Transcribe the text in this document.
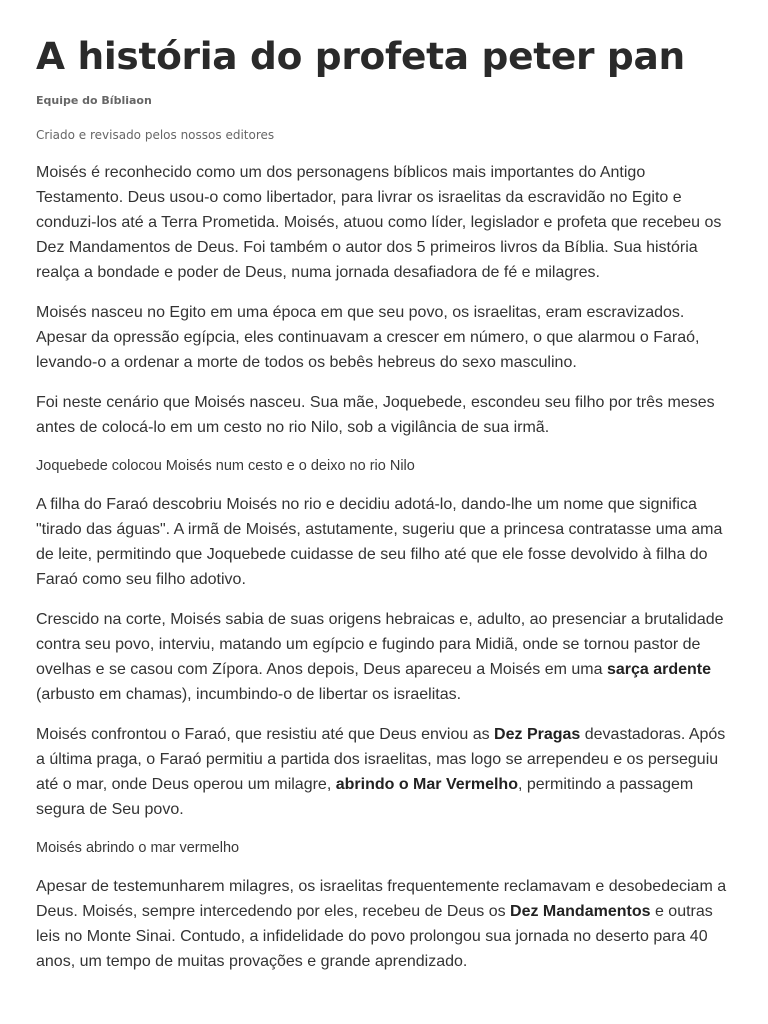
A história do profeta peter pan

Equipe do Bíbliaon

Criado e revisado pelos nossos editores

Moisés é reconhecido como um dos personagens bíblicos mais importantes do Antigo Testamento. Deus usou-o como libertador, para livrar os israelitas da escravidão no Egito e conduzi-los até a Terra Prometida. Moisés, atuou como líder, legislador e profeta que recebeu os Dez Mandamentos de Deus. Foi também o autor dos 5 primeiros livros da Bíblia. Sua história realça a bondade e poder de Deus, numa jornada desafiadora de fé e milagres.

Moisés nasceu no Egito em uma época em que seu povo, os israelitas, eram escravizados. Apesar da opressão egípcia, eles continuavam a crescer em número, o que alarmou o Faraó, levando-o a ordenar a morte de todos os bebês hebreus do sexo masculino.

Foi neste cenário que Moisés nasceu. Sua mãe, Joquebede, escondeu seu filho por três meses antes de colocá-lo em um cesto no rio Nilo, sob a vigilância de sua irmã.

Joquebede colocou Moisés num cesto e o deixo no rio Nilo

A filha do Faraó descobriu Moisés no rio e decidiu adotá-lo, dando-lhe um nome que significa "tirado das águas". A irmã de Moisés, astutamente, sugeriu que a princesa contratasse uma ama de leite, permitindo que Joquebede cuidasse de seu filho até que ele fosse devolvido à filha do Faraó como seu filho adotivo.

Crescido na corte, Moisés sabia de suas origens hebraicas e, adulto, ao presenciar a brutalidade contra seu povo, interviu, matando um egípcio e fugindo para Midiã, onde se tornou pastor de ovelhas e se casou com Zípora. Anos depois, Deus apareceu a Moisés em uma sarça ardente (arbusto em chamas), incumbindo-o de libertar os israelitas.

Moisés confrontou o Faraó, que resistiu até que Deus enviou as Dez Pragas devastadoras. Após a última praga, o Faraó permitiu a partida dos israelitas, mas logo se arrependeu e os perseguiu até o mar, onde Deus operou um milagre, abrindo o Mar Vermelho, permitindo a passagem segura de Seu povo.

Moisés abrindo o mar vermelho

Apesar de testemunharem milagres, os israelitas frequentemente reclamavam e desobedeciam a Deus. Moisés, sempre intercedendo por eles, recebeu de Deus os Dez Mandamentos e outras leis no Monte Sinai. Contudo, a infidelidade do povo prolongou sua jornada no deserto para 40 anos, um tempo de muitas provações e grande aprendizado.
